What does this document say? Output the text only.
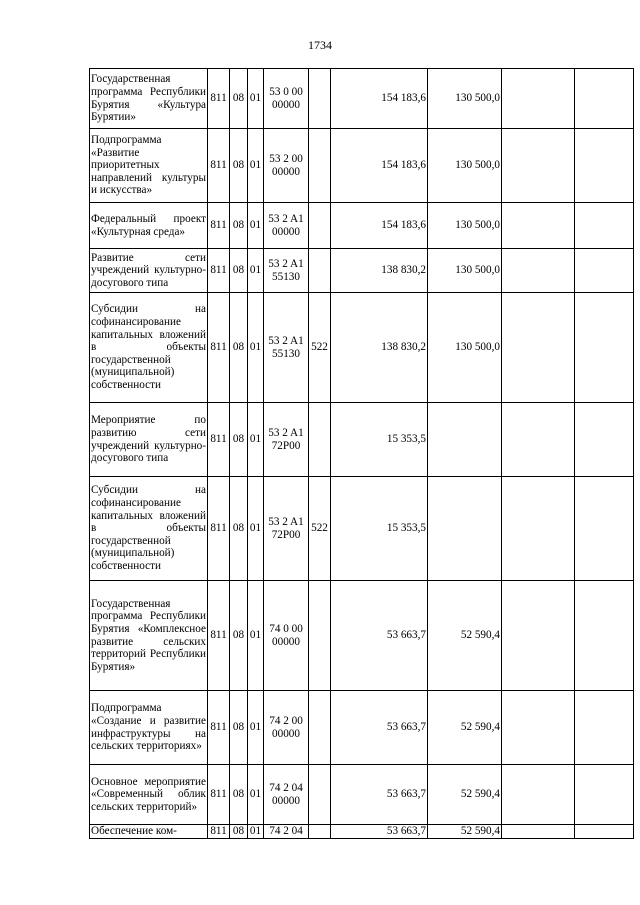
1734
Государственная программа Республики Бурятия «Культура Бурятии»	811	08	01	53 0 00 00000		154 183,6	130 500,0		
Подпрограмма «Развитие приоритетных направлений культуры и искусства»	811	08	01	53 2 00 00000		154 183,6	130 500,0		
Федеральный проект «Культурная среда»	811	08	01	53 2 A1 00000		154 183,6	130 500,0		
Развитие сети учреждений культурно-досугового типа	811	08	01	53 2 A1 55130		138 830,2	130 500,0		
Субсидии на софинансирование капитальных вложений в объекты государственной (муниципальной) собственности	811	08	01	53 2 A1 55130	522	138 830,2	130 500,0		
Мероприятие по развитию сети учреждений культурно-досугового типа	811	08	01	53 2 A1 72P00		15 353,5			
Субсидии на софинансирование капитальных вложений в объекты государственной (муниципальной) собственности	811	08	01	53 2 A1 72P00	522	15 353,5			
Государственная программа Республики Бурятия «Комплексное развитие сельских территорий Республики Бурятия»	811	08	01	74 0 00 00000		53 663,7	52 590,4		
Подпрограмма «Создание и развитие инфраструктуры на сельских территориях»	811	08	01	74 2 00 00000		53 663,7	52 590,4		
Основное мероприятие «Современный облик сельских территорий»	811	08	01	74 2 04 00000		53 663,7	52 590,4		
Обеспечение ком-	811	08	01	74 2 04		53 663,7	52 590,4		
